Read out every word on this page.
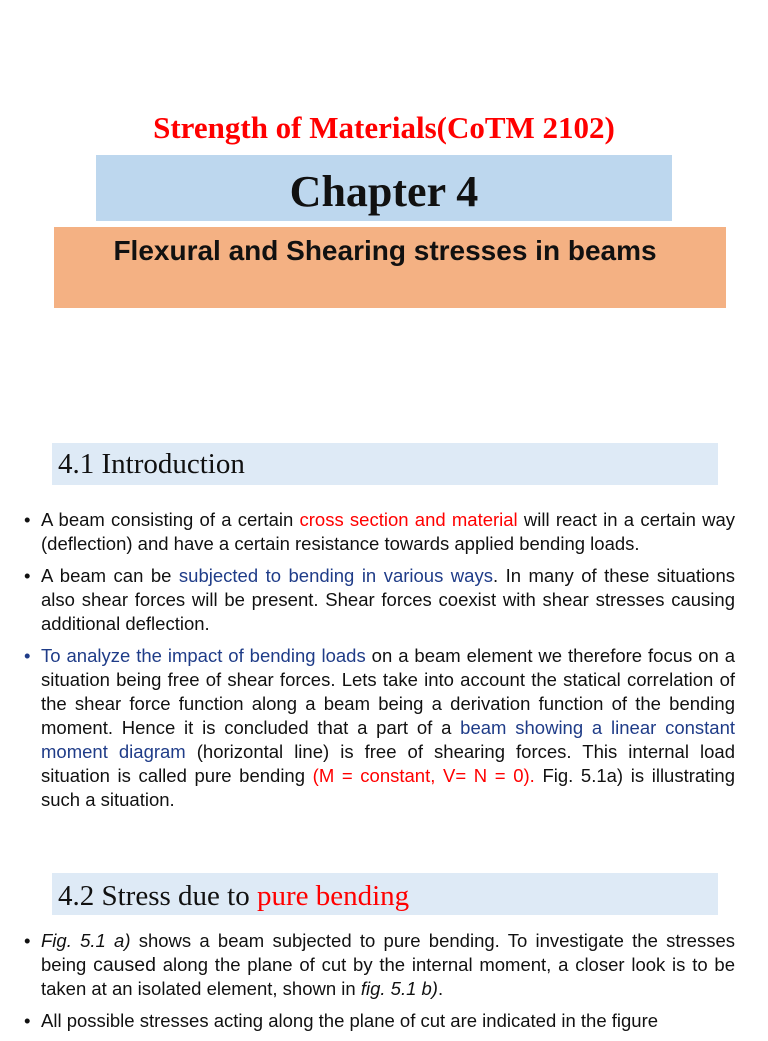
Strength of Materials(CoTM 2102)
Chapter 4
Flexural and Shearing stresses in beams
4.1 Introduction
• A beam consisting of a certain cross section and material will react in a certain way (deflection) and have a certain resistance towards applied bending loads.
• A beam can be subjected to bending in various ways. In many of these situations also shear forces will be present. Shear forces coexist with shear stresses causing additional deflection.
• To analyze the impact of bending loads on a beam element we therefore focus on a situation being free of shear forces. Lets take into account the statical correlation of the shear force function along a beam being a derivation function of the bending moment. Hence it is concluded that a part of a beam showing a linear constant moment diagram (horizontal line) is free of shearing forces. This internal load situation is called pure bending (M = constant, V= N = 0). Fig. 5.1a) is illustrating such a situation.
4.2 Stress due to pure bending
• Fig. 5.1 a) shows a beam subjected to pure bending. To investigate the stresses being caused along the plane of cut by the internal moment, a closer look is to be taken at an isolated element, shown in fig. 5.1 b).
• All possible stresses acting along the plane of cut are indicated in the figure
